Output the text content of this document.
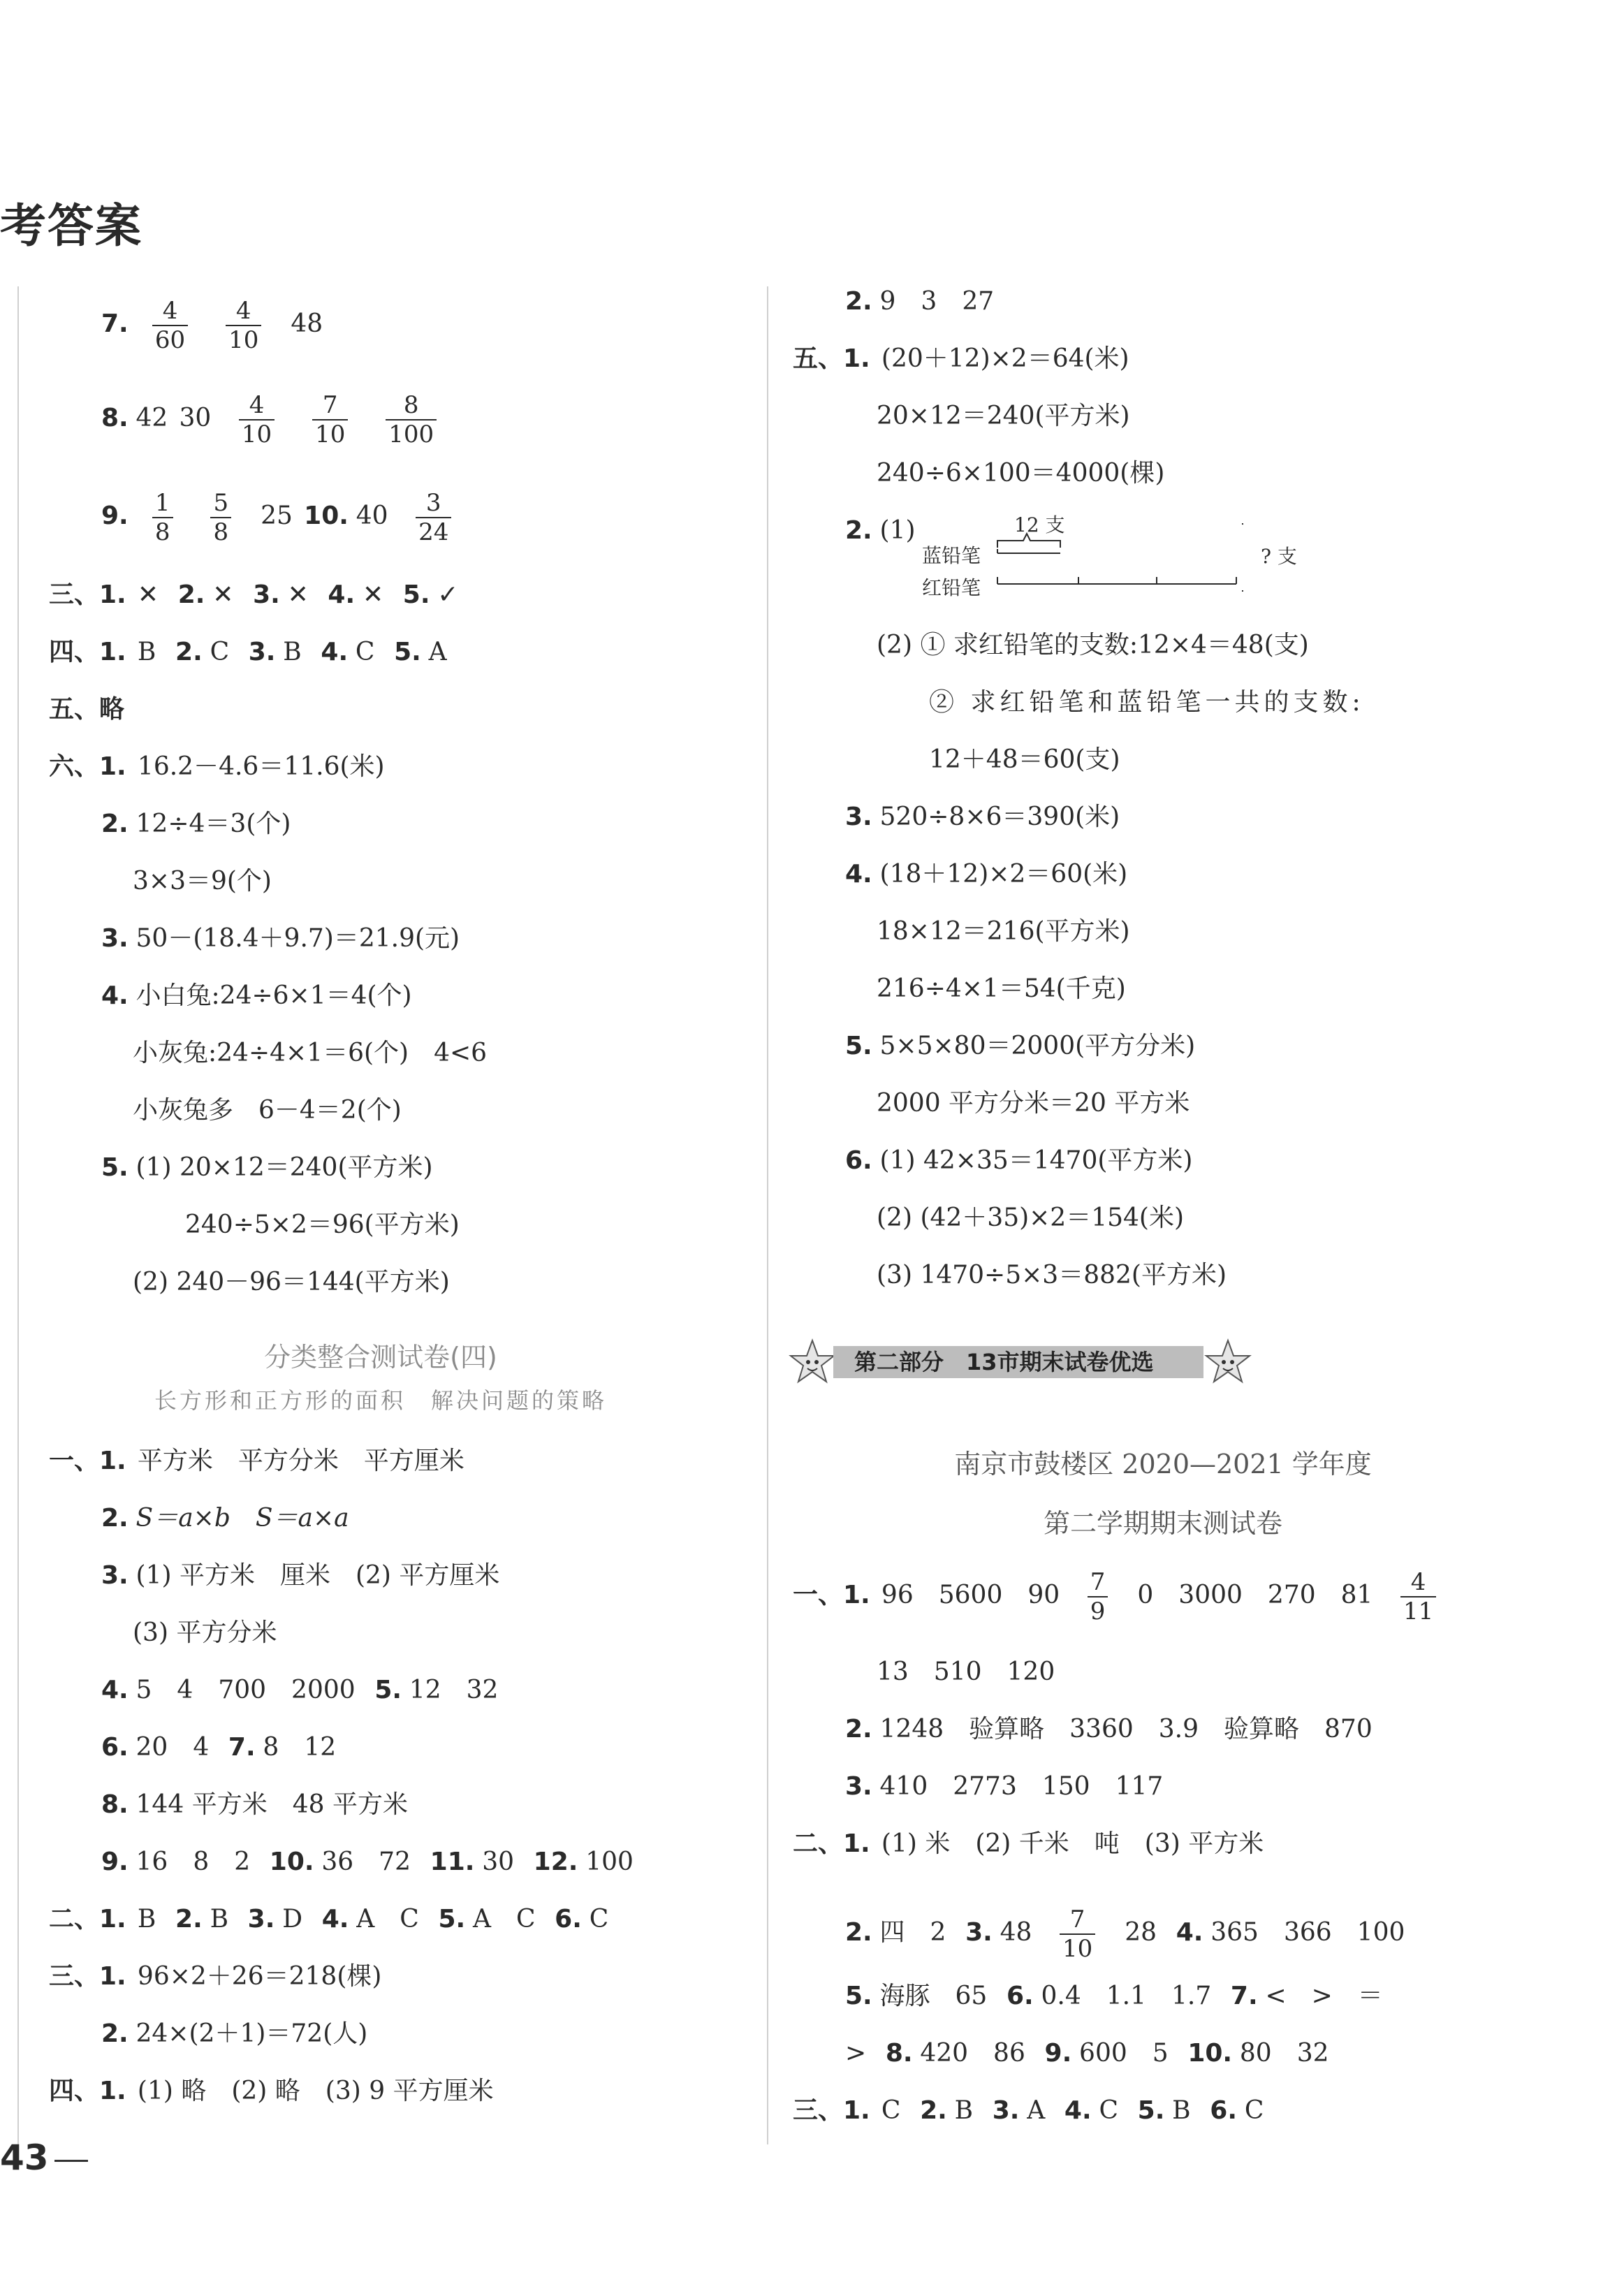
考答案
7. $\frac{4}{60}$
$\frac{4}{10} 48$
8. 42 $30 \frac{4}{10}$
$\frac{7}{10}$
$\frac{8}{100}$
9. $\frac{1}{8}$
$\frac{5}{8} 25$ 10. $40 \frac{3}{24}$
三、1. ✕ 2. ✕ 3. ✕ 4. ✕ 5. ✓
四、1. B 2. C 3. B 4. C 5. A
五、略
六、1. 16.2－4.6＝11.6(米)
2. 12÷4＝3(个)
3×3＝9(个)
3. 50－(18.4＋9.7)＝21.9(元)
4. 小白兔:24÷6×1＝4(个)
小灰兔:24÷4×1＝6(个)　4<6
小灰兔多　6－4＝2(个)
5. (1) 20×12＝240(平方米)
240÷5×2＝96(平方米)
(2) 240－96＝144(平方米)
分类整合测试卷(四)
长方形和正方形的面积　解决问题的策略
一、1. 平方米　平方分米　平方厘米
2. S＝a×b　S＝a×a
3. (1) 平方米　厘米　(2) 平方厘米
(3) 平方分米
4. 5　4　700　2000 5. 12　32
6. 20　4 7. 8　12
8. 144 平方米　48 平方米
9. 16　8　2 10. 36　72 11. 30 12. 100
二、1. B 2. B 3. D 4. A　C 5. A　C 6. C
三、1. 96×2＋26＝218(棵)
2. 24×(2＋1)＝72(人)
四、1. (1) 略　(2) 略　(3) 9 平方厘米
2. 9　3　27
五、1. (20＋12)×2＝64(米)
20×12＝240(平方米)
240÷6×100＝4000(棵)
2. (1)	12 支
蓝铅笔
红铅笔
? 支
(2) ① 求红铅笔的支数:12×4＝48(支)
② 求红铅笔和蓝铅笔一共的支数:
12＋48＝60(支)
3. 520÷8×6＝390(米)
4. (18＋12)×2＝60(米)
18×12＝216(平方米)
216÷4×1＝54(千克)
5. 5×5×80＝2000(平方分米)
2000 平方分米＝20 平方米
6. (1) 42×35＝1470(平方米)
(2) (42＋35)×2＝154(米)
(3) 1470÷5×3＝882(平方米)
南京市鼓楼区 2020—2021 学年度
第二学期期末测试卷
一、1. 96　5600　$90 \frac{7}{9} 0$　3000　270　$81 \frac{4}{11}$
13　510　120
2. 1248　验算略　3360　3.9　验算略　870
3. 410　2773　150　117
二、1. (1) 米　(2) 千米　吨　(3) 平方米
2. 四　2 3. $48 \frac{7}{10} 28$ 4. 365　366　100
5. 海豚　65 6. 0.4　1.1　1.7 7. <　>　＝
> 8. 420　86 9. 600　5 10. 80　32
三、1. C 2. B 3. A 4. C 5. B 6. C
第二部分　13市期末试卷优选
43
